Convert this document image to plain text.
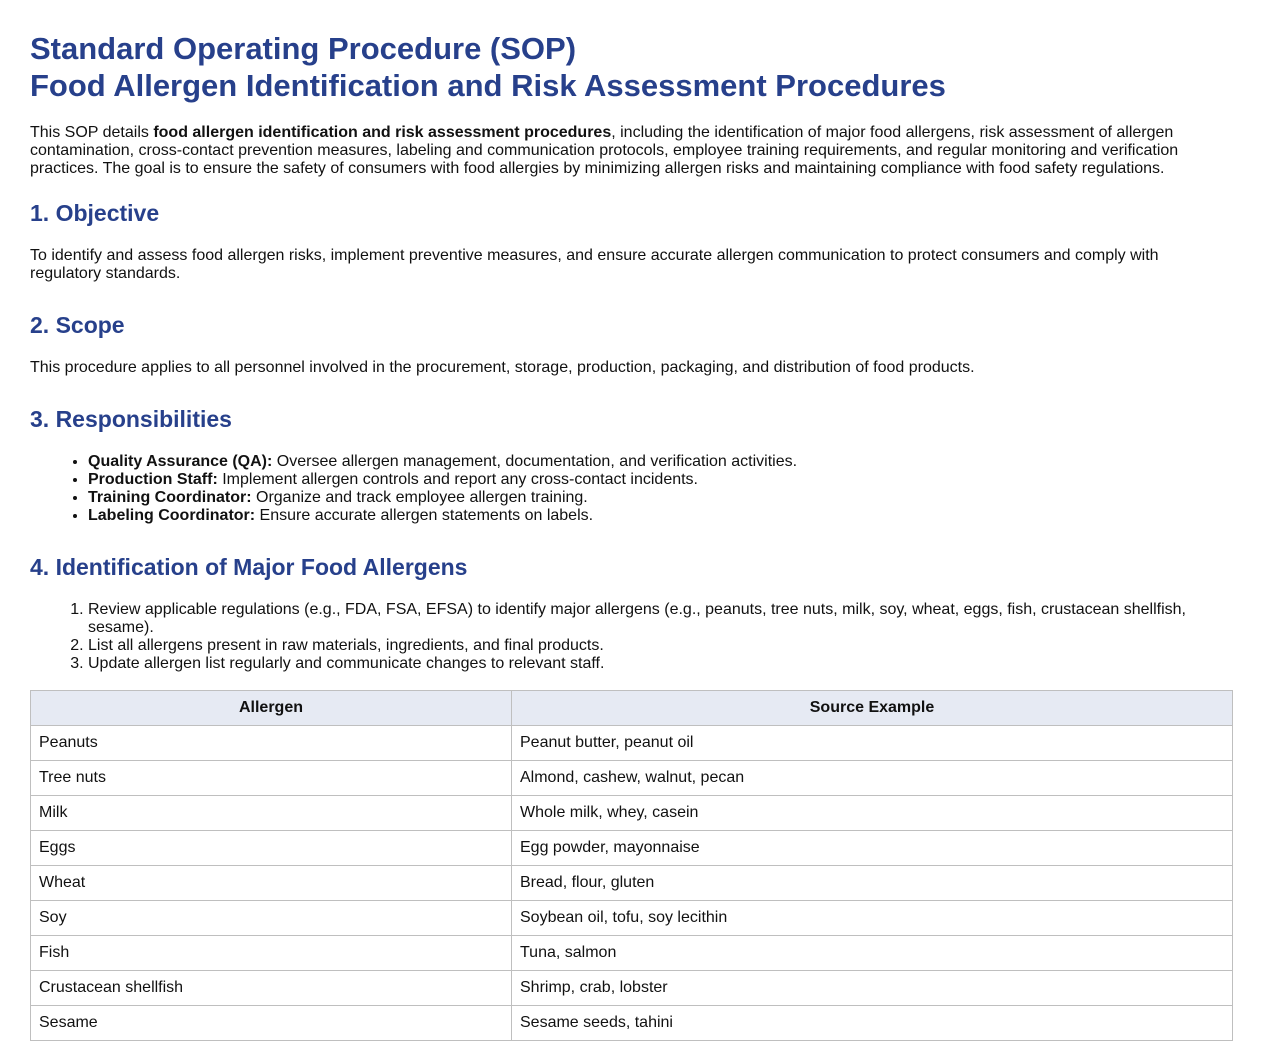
Standard Operating Procedure (SOP)
Food Allergen Identification and Risk Assessment Procedures

This SOP details food allergen identification and risk assessment procedures, including the identification of major food allergens, risk assessment of allergen contamination, cross-contact prevention measures, labeling and communication protocols, employee training requirements, and regular monitoring and verification practices. The goal is to ensure the safety of consumers with food allergies by minimizing allergen risks and maintaining compliance with food safety regulations.

1. Objective

To identify and assess food allergen risks, implement preventive measures, and ensure accurate allergen communication to protect consumers and comply with regulatory standards.

2. Scope

This procedure applies to all personnel involved in the procurement, storage, production, packaging, and distribution of food products.

3. Responsibilities
• Quality Assurance (QA): Oversee allergen management, documentation, and verification activities.
• Production Staff: Implement allergen controls and report any cross-contact incidents.
• Training Coordinator: Organize and track employee allergen training.
• Labeling Coordinator: Ensure accurate allergen statements on labels.
4. Identification of Major Food Allergens
1. Review applicable regulations (e.g., FDA, FSA, EFSA) to identify major allergens (e.g., peanuts, tree nuts, milk, soy, wheat, eggs, fish, crustacean shellfish, sesame).
2. List all allergens present in raw materials, ingredients, and final products.
3. Update allergen list regularly and communicate changes to relevant staff.
Allergen	Source Example
Peanuts	Peanut butter, peanut oil
Tree nuts	Almond, cashew, walnut, pecan
Milk	Whole milk, whey, casein
Eggs	Egg powder, mayonnaise
Wheat	Bread, flour, gluten
Soy	Soybean oil, tofu, soy lecithin
Fish	Tuna, salmon
Crustacean shellfish	Shrimp, crab, lobster
Sesame	Sesame seeds, tahini
